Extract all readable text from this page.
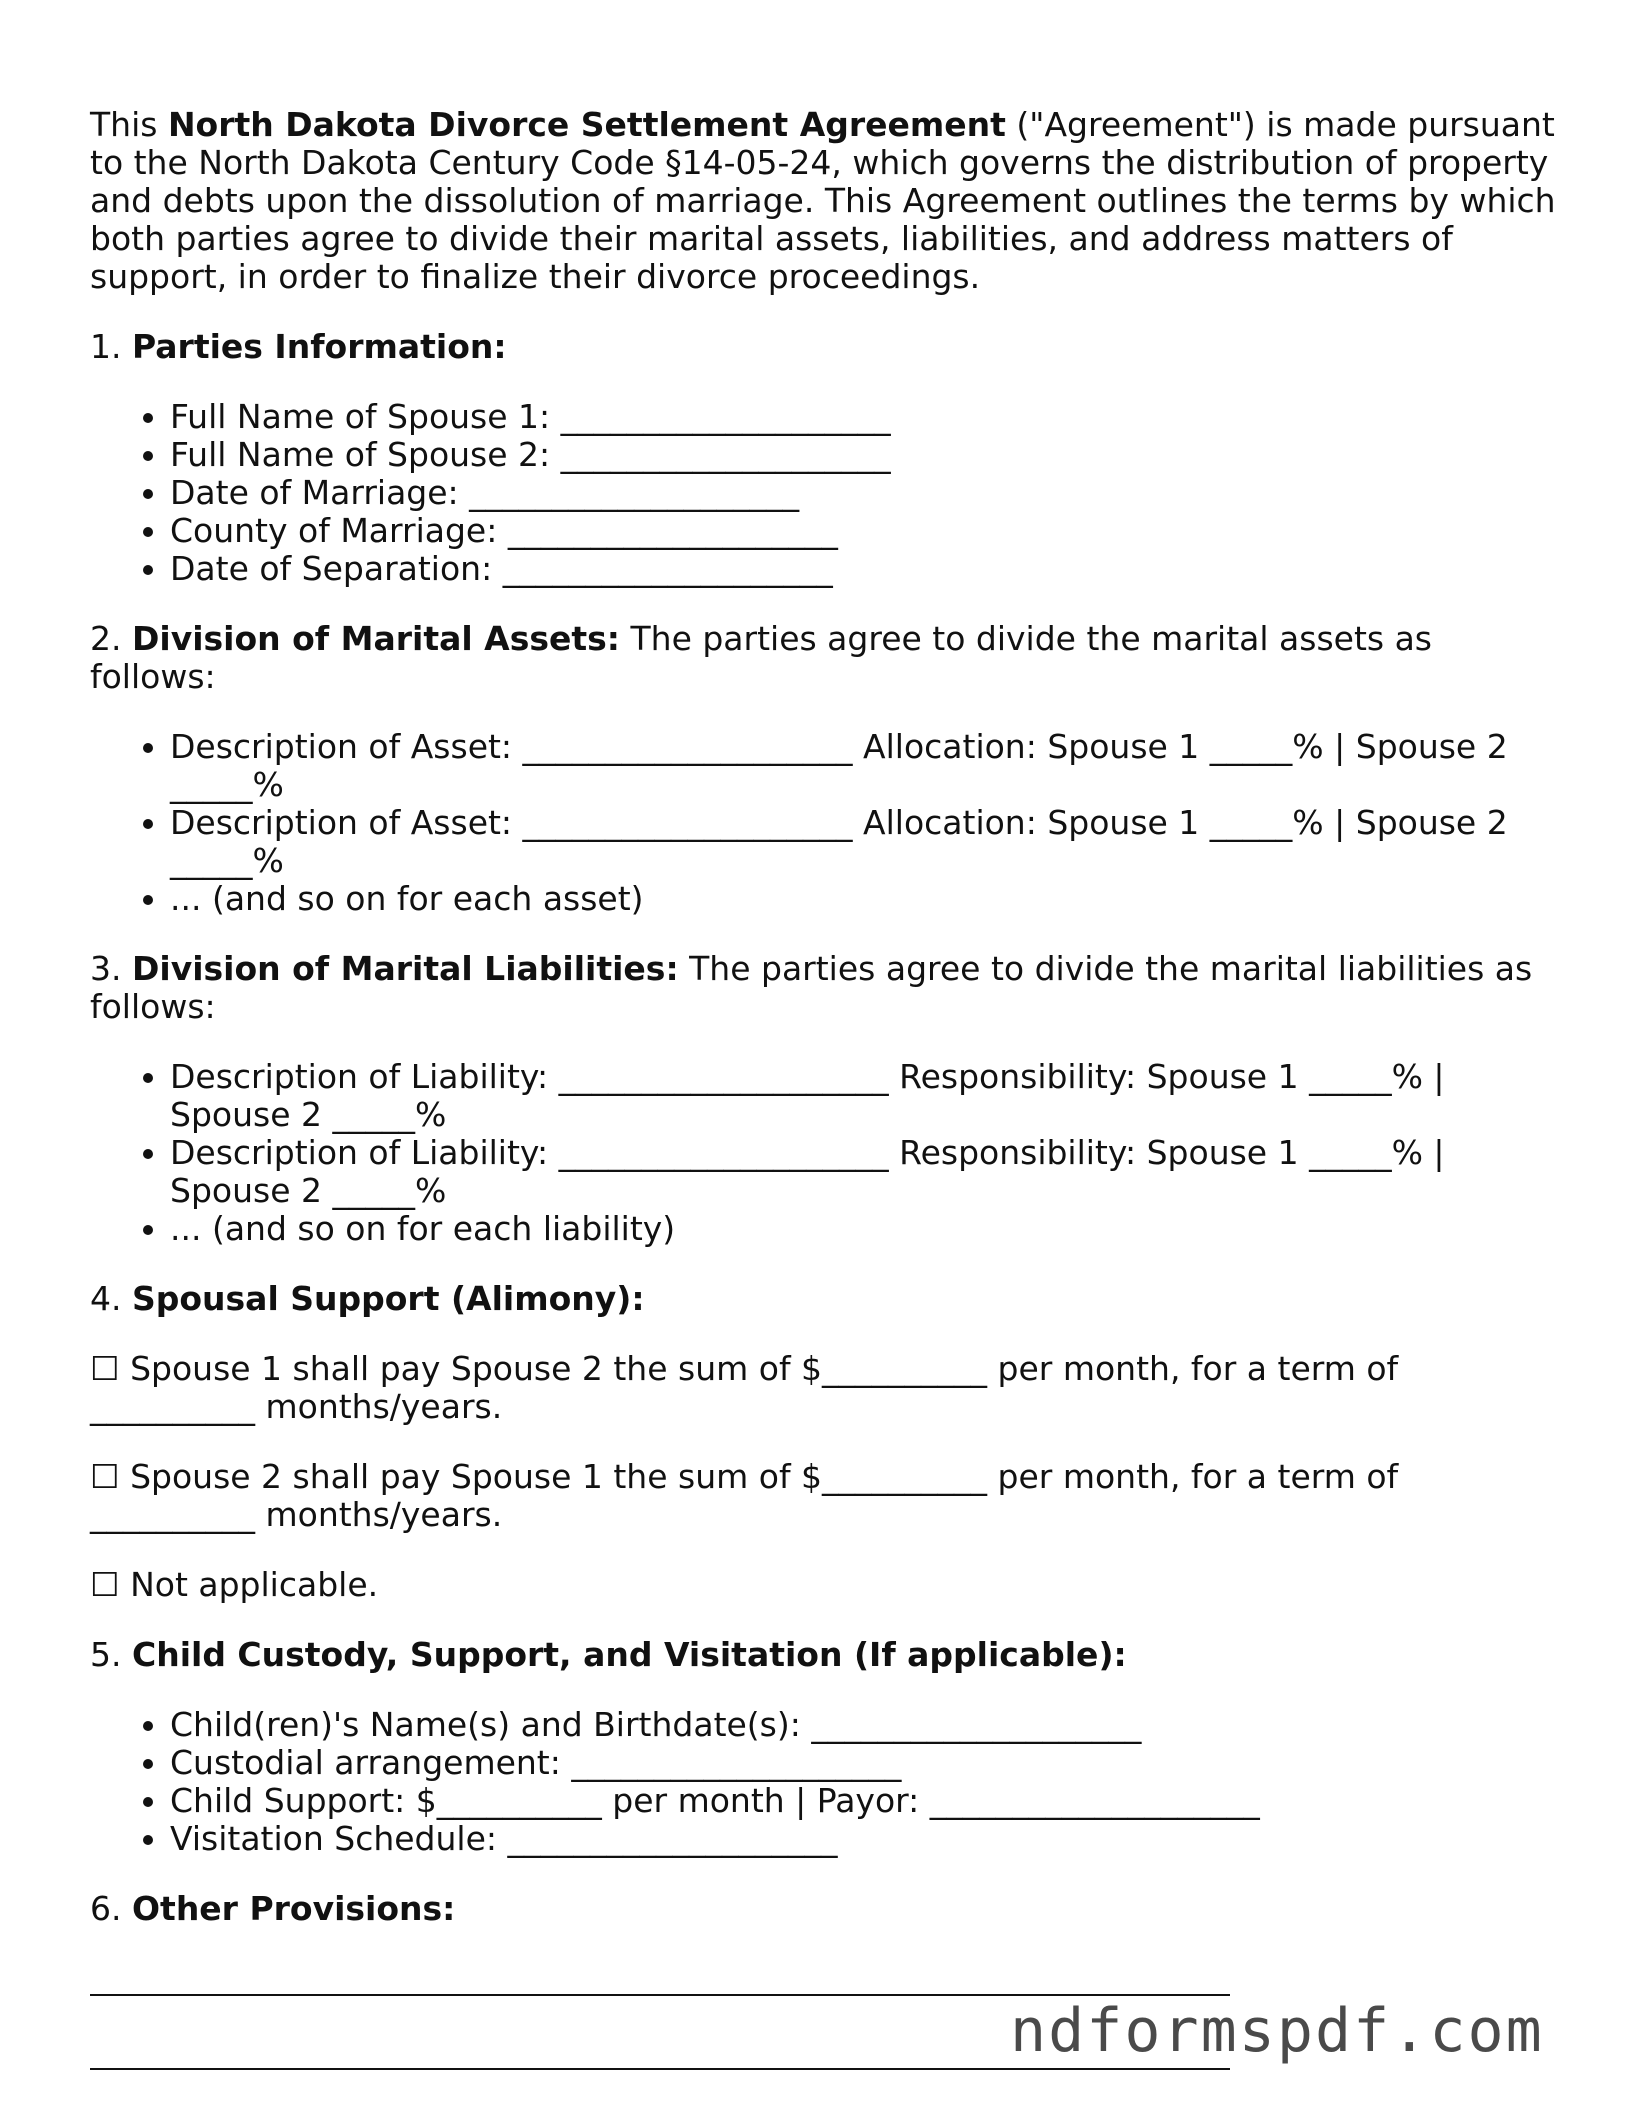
This North Dakota Divorce Settlement Agreement ("Agreement") is made pursuant to the North Dakota Century Code §14-05-24, which governs the distribution of property and debts upon the dissolution of marriage. This Agreement outlines the terms by which both parties agree to divide their marital assets, liabilities, and address matters of support, in order to finalize their divorce proceedings.

1. Parties Information:

• Full Name of Spouse 1: ____________________
• Full Name of Spouse 2: ____________________
• Date of Marriage: ____________________
• County of Marriage: ____________________
• Date of Separation: ____________________

2. Division of Marital Assets: The parties agree to divide the marital assets as follows:

• Description of Asset: ____________________ Allocation: Spouse 1 _____% | Spouse 2 _____%
• Description of Asset: ____________________ Allocation: Spouse 1 _____% | Spouse 2 _____%
• ... (and so on for each asset)

3. Division of Marital Liabilities: The parties agree to divide the marital liabilities as follows:

• Description of Liability: ____________________ Responsibility: Spouse 1 _____% | Spouse 2 _____%
• Description of Liability: ____________________ Responsibility: Spouse 1 _____% | Spouse 2 _____%
• ... (and so on for each liability)

4. Spousal Support (Alimony):

☐ Spouse 1 shall pay Spouse 2 the sum of $__________ per month, for a term of __________ months/years.

☐ Spouse 2 shall pay Spouse 1 the sum of $__________ per month, for a term of __________ months/years.

☐ Not applicable.

5. Child Custody, Support, and Visitation (If applicable):

• Child(ren)'s Name(s) and Birthdate(s): ____________________
• Custodial arrangement: ____________________
• Child Support: $__________ per month | Payor: ____________________
• Visitation Schedule: ____________________

6. Other Provisions:

ndformspdf.com
